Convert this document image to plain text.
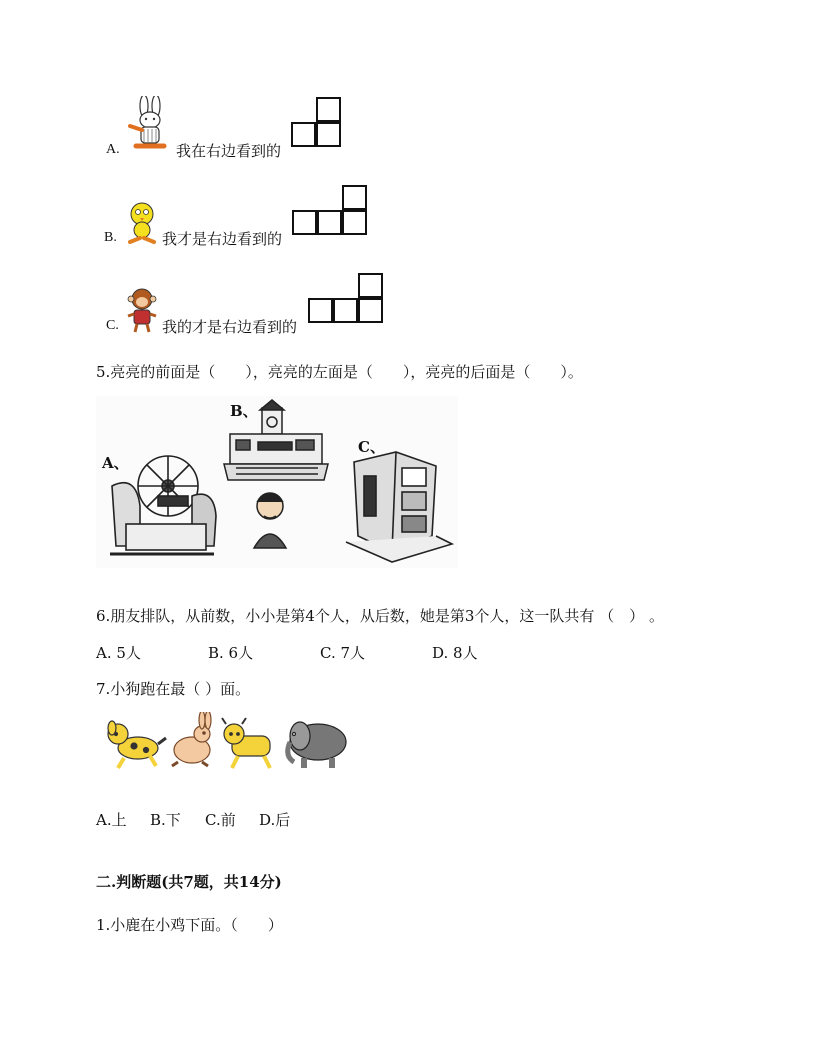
A.	我在右边看到的
B.	我才是右边看到的
C.	我的才是右边看到的
5.亮亮的前面是（　　），亮亮的左面是（　　），亮亮的后面是（　　）。
A、
B、
C、
6.朋友排队，从前数，小小是第4个人，从后数，她是第3个人，这一队共有 （　） 。
A. 5人	B. 6人	C. 7人	D. 8人
7.小狗跑在最（ ）面。
A.上 B.下 C.前 D.后
二.判断题(共7题，共14分)
1.小鹿在小鸡下面。（　　）
